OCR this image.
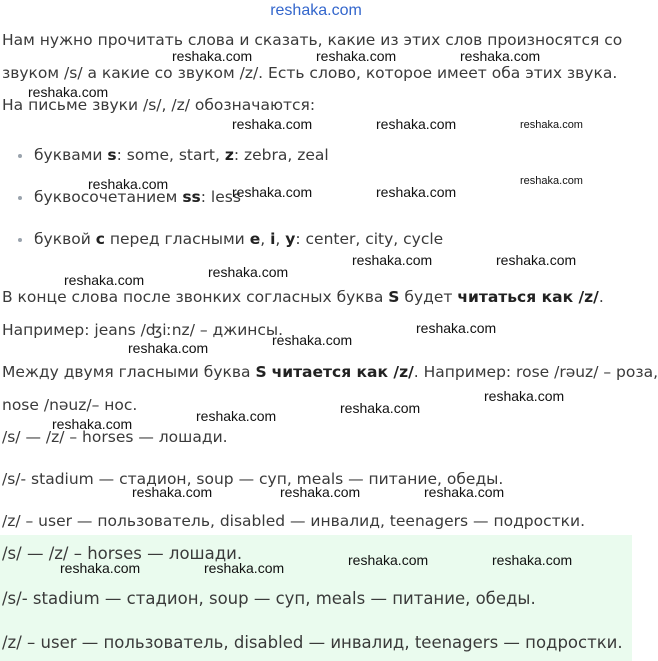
reshaka.com
Нам нужно прочитать слова и сказать, какие из этих слов произносятся со
звуком /s/ а какие со звуком /z/. Есть слово, которое имеет оба этих звука.
На письме звуки /s/, /z/ обозначаются:
буквами s: some, start, z: zebra, zeal
буквосочетанием ss: less
буквой c перед гласными e, i, y: center, city, cycle
В конце слова после звонких согласных буква S будет читаться как /z/.
Например: jeans /ʤiːnz/ – джинсы.
Между двумя гласными буква S читается как /z/. Например: rose /rəuz/ – роза,
nose /nəuz/– нос.
/s/ — /z/ – horses — лошади.
/s/- stadium — стадион, soup — суп, meals — питание, обеды.
/z/ – user — пользователь, disabled — инвалид, teenagers — подростки.
/s/ — /z/ – horses — лошади.
/s/- stadium — стадион, soup — суп, meals — питание, обеды.
/z/ – user — пользователь, disabled — инвалид, teenagers — подростки.
reshaka.com	reshaka.com	reshaka.com
reshaka.com
reshaka.com	reshaka.com	reshaka.com
reshaka.com	reshaka.com	reshaka.com
reshaka.com
reshaka.com
reshaka.com	reshaka.com
reshaka.com
reshaka.com
reshaka.com
reshaka.com
reshaka.com
reshaka.com
reshaka.com
reshaka.com
reshaka.com	reshaka.com	reshaka.com
reshaka.com	reshaka.com
reshaka.com	reshaka.com
